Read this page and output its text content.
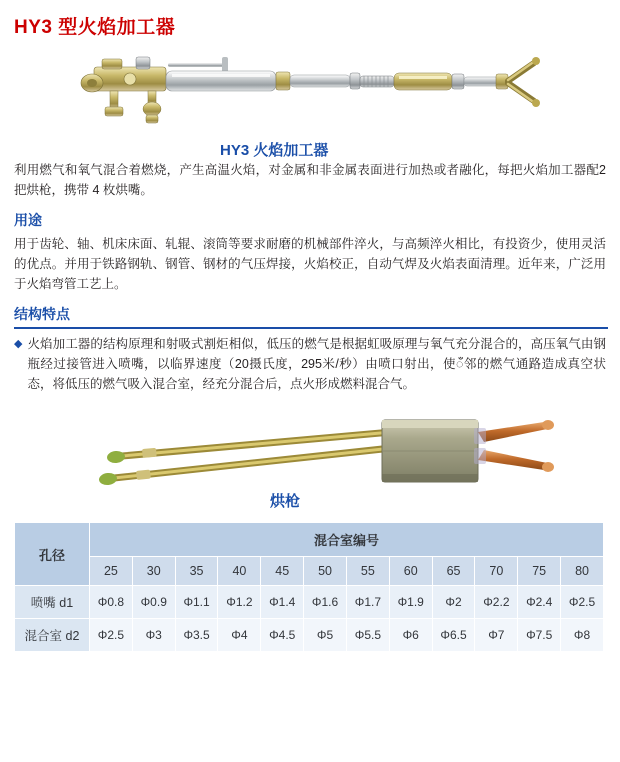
HY3 型火焰加工器
HY3 火焰加工器

利用燃气和氧气混合着燃烧，产生高温火焰，对金属和非金属表面进行加热或者融化，每把火焰加工器配2 把烘枪，携带 4 枚烘嘴。

用途

用于齿轮、轴、机床床面、轧辊、滚筒等要求耐磨的机械部件淬火，与高频淬火相比，有投资少，使用灵活的优点。并用于铁路钢轨、钢管、钢材的气压焊接，火焰校正，自动气焊及火焰表面清理。近年来，广泛用于火焰弯管工艺上。

结构特点
◆ 火焰加工器的结构原理和射吸式割炬相似，低压的燃气是根据虹吸原理与氧气充分混合的，高压氧气由钢瓶经过接管进入喷嘴，以临界速度（20摄氏度，295米/秒）由喷口射出，使ँ邻的燃气通路造成真空状态，将低压的燃气吸入混合室，经充分混合后，点火形成燃料混合气。

烘枪
孔径	混合室编号											
	25	30	35	40	45	50	55	60	65	70	75	80
喷嘴 d1	Φ0.8	Φ0.9	Φ1.1	Φ1.2	Φ1.4	Φ1.6	Φ1.7	Φ1.9	Φ2	Φ2.2	Φ2.4	Φ2.5
混合室 d2	Φ2.5	Φ3	Φ3.5	Φ4	Φ4.5	Φ5	Φ5.5	Φ6	Φ6.5	Φ7	Φ7.5	Φ8
